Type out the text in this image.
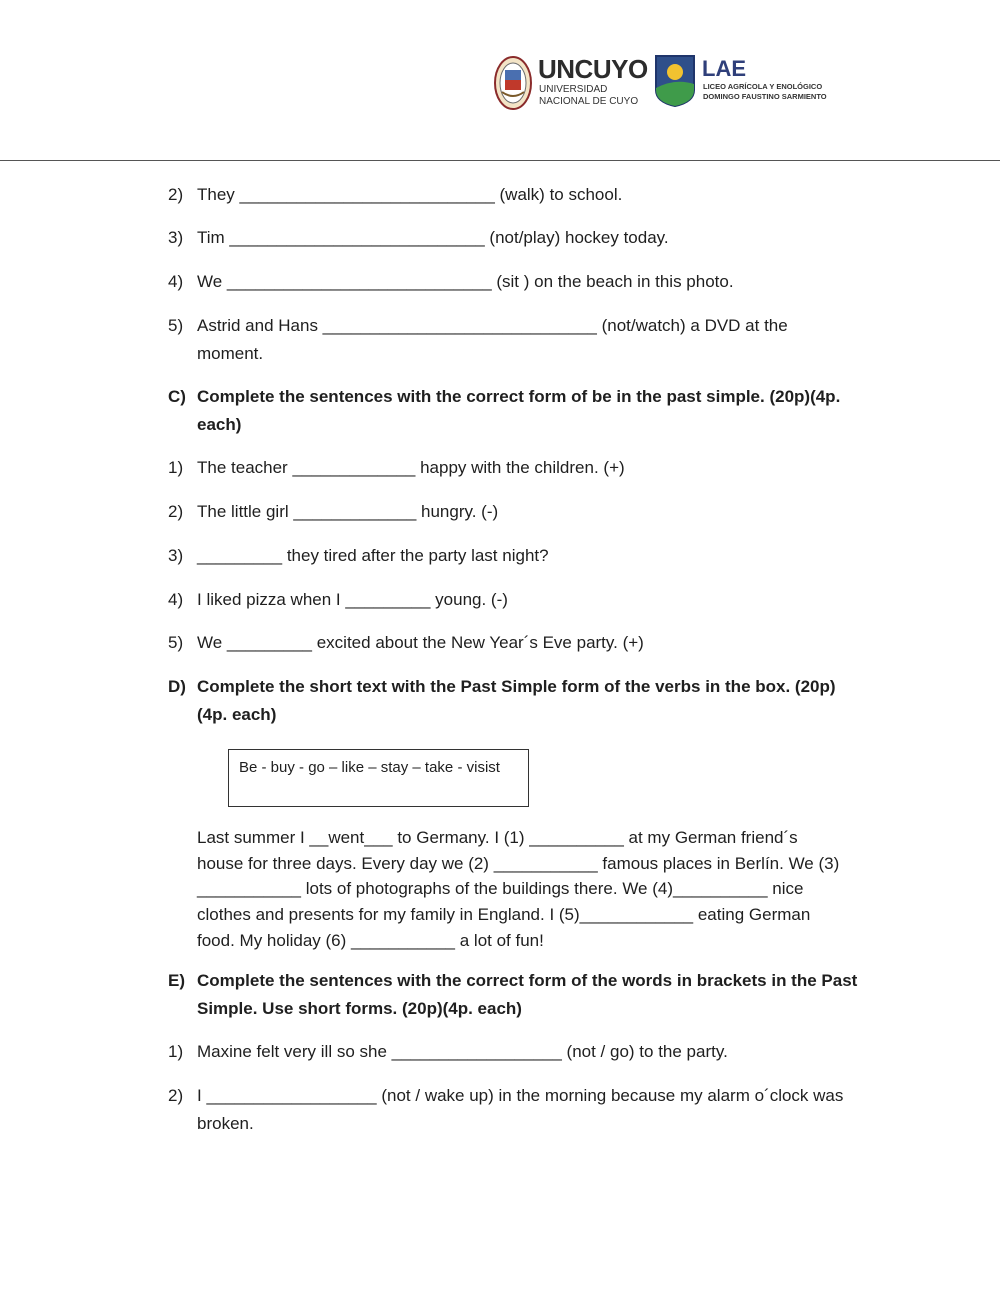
UNCUYO
UNIVERSIDAD
NACIONAL DE CUYO
LAE
LICEO AGRÍCOLA Y ENOLÓGICO
DOMINGO FAUSTINO SARMIENTO
2) They ___________________________ (walk) to school.
3) Tim ___________________________ (not/play) hockey today.
4) We ____________________________ (sit ) on the beach in this photo.
5) Astrid and Hans _____________________________ (not/watch) a DVD at the moment.
C) Complete the sentences with the correct form of be in the past simple. (20p)(4p. each)
1) The teacher _____________ happy with the children. (+)
2) The little girl _____________ hungry. (-)
3) _________ they tired after the party last night?
4) I liked pizza when I _________ young. (-)
5) We _________ excited about the New Year´s Eve party. (+)
D) Complete the short text with the Past Simple form of the verbs in the box. (20p)(4p. each)
E) Complete the sentences with the correct form of the words in brackets in the Past Simple. Use short forms. (20p)(4p. each)
1) Maxine felt very ill so she __________________ (not / go) to the party.
2) I __________________ (not / wake up) in the morning because my alarm o´clock was broken.
Be - buy - go – like – stay – take - visist
Last summer I __went___ to Germany. I (1) __________ at my German friend´s house for three days. Every day we (2) ___________ famous places in Berlín. We (3) ___________ lots of photographs of the buildings there. We (4)__________ nice clothes and presents for my family in England. I (5)____________ eating German food. My holiday (6) ___________ a lot of fun!
